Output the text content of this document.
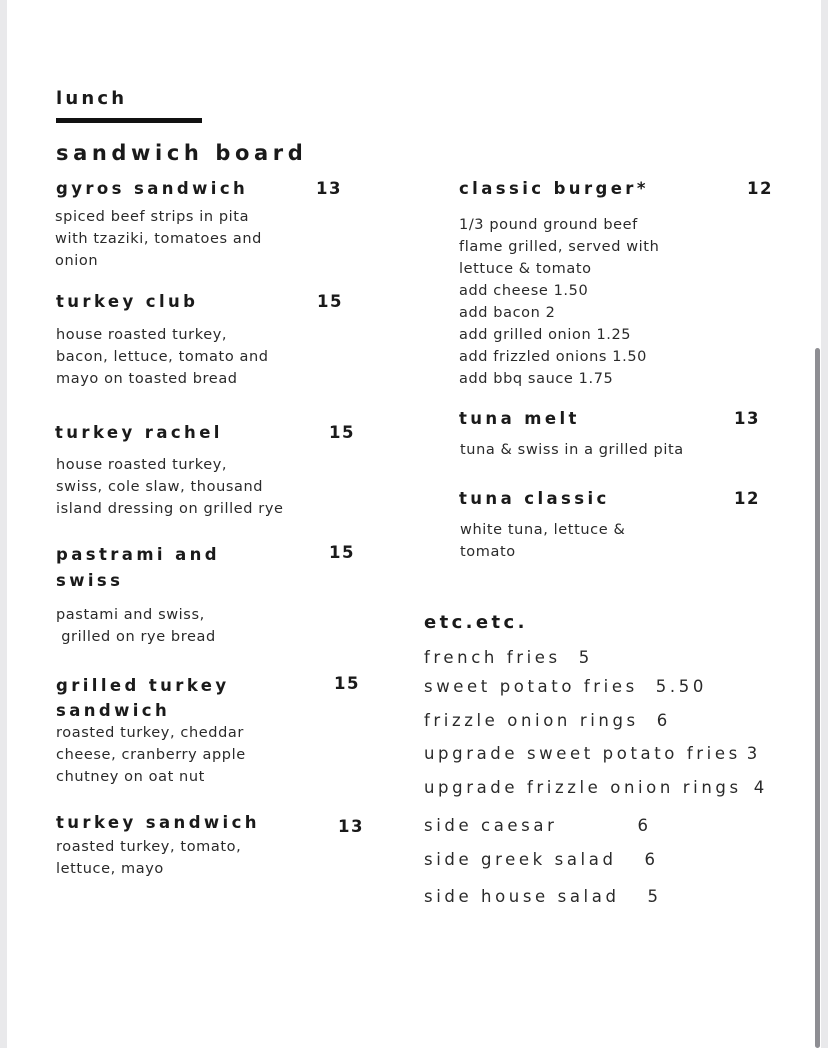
lunch
sandwich board
gyros sandwich	13
spiced beef strips in pita
with tzaziki, tomatoes and
onion
turkey club	15
house roasted turkey,
bacon, lettuce, tomato and
mayo on toasted bread
turkey rachel	15
house roasted turkey,
swiss, cole slaw, thousand
island dressing on grilled rye
pastrami and
swiss
15
pastami and swiss,
grilled on rye bread
grilled turkey
sandwich
15
roasted turkey, cheddar
cheese, cranberry apple
chutney on oat nut
turkey sandwich	13
roasted turkey, tomato,
lettuce, mayo
classic burger*	12
1/3 pound ground beef
flame grilled, served with
lettuce & tomato
add cheese 1.50
add bacon 2
add grilled onion 1.25
add frizzled onions 1.50
add bbq sauce 1.75
tuna melt	13
tuna & swiss in a grilled pita
tuna classic	12
white tuna, lettuce &
tomato
etc.etc.
french fries 5
sweet potato fries 5.50
frizzle onion rings 6
upgrade sweet potato fries 3
upgrade frizzle onion rings 4
side caesar	6
side greek salad 6
side house salad 5
